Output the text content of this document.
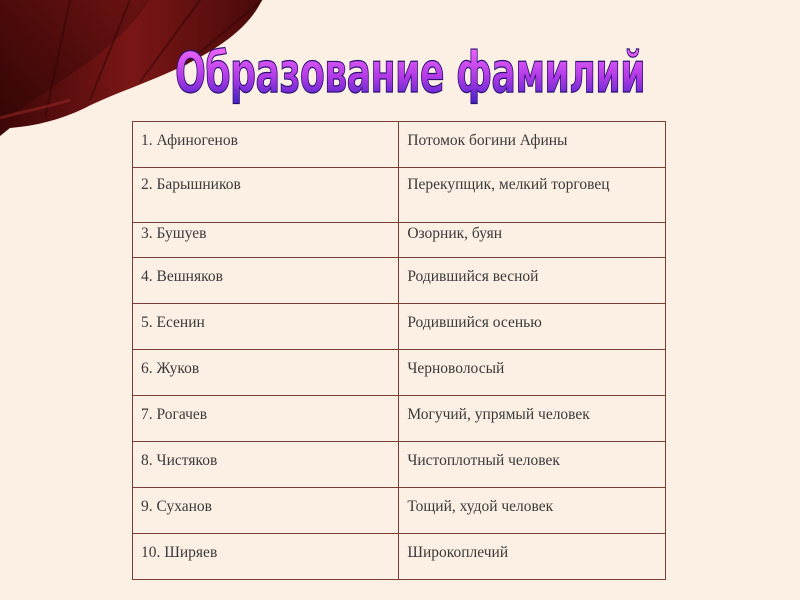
Образование фамилий
1. Афиногенов	Потомок богини Афины
2. Барышников	Перекупщик, мелкий торговец
3. Бушуев	Озорник, буян
4. Вешняков	Родившийся весной
5. Есенин	Родившийся осенью
6. Жуков	Черноволосый
7. Рогачев	Могучий, упрямый человек
8. Чистяков	Чистоплотный человек
9. Суханов	Тощий, худой человек
10. Ширяев	Широкоплечий
